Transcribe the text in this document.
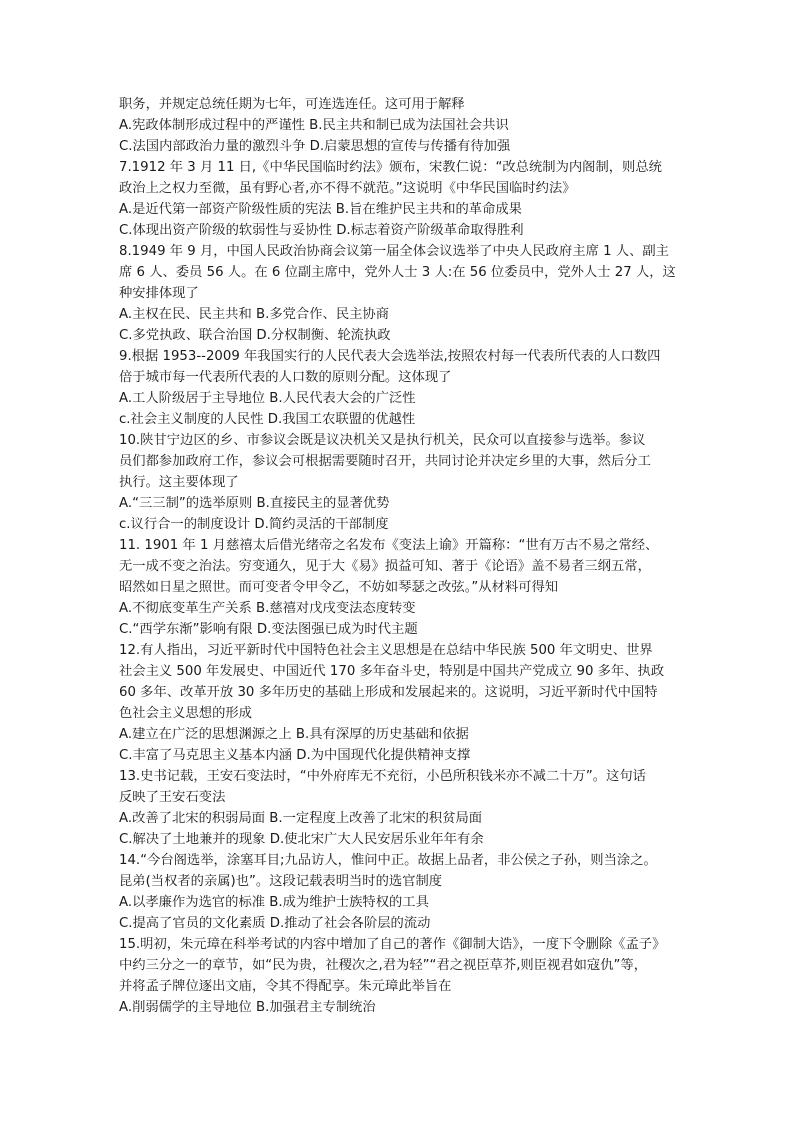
职务，并规定总统任期为七年，可连选连任。这可用于解释
A.宪政体制形成过程中的严谨性 B.民主共和制已成为法国社会共识
C.法国内部政治力量的激烈斗争 D.启蒙思想的宣传与传播有待加强
7.1912 年 3 月 11 日,《中华民国临时约法》颁布，宋教仁说：“改总统制为内阁制，则总统
政治上之权力至微，虽有野心者,亦不得不就范。”这说明《中华民国临时约法》
A.是近代第一部资产阶级性质的宪法 B.旨在维护民主共和的革命成果
C.体现出资产阶级的软弱性与妥协性 D.标志着资产阶级革命取得胜利
8.1949 年 9 月，中国人民政治协商会议第一届全体会议选举了中央人民政府主席 1 人、副主
席 6 人、委员 56 人。在 6 位副主席中，党外人士 3 人:在 56 位委员中，党外人士 27 人，这
种安排体现了
A.主权在民、民主共和 B.多党合作、民主协商
C.多党执政、联合治国 D.分权制衡、轮流执政
9.根据 1953--2009 年我国实行的人民代表大会选举法,按照农村每一代表所代表的人口数四
倍于城市每一代表所代表的人口数的原则分配。这体现了
A.工人阶级居于主导地位 B.人民代表大会的广泛性
c.社会主义制度的人民性 D.我国工农联盟的优越性
10.陕甘宁边区的乡、市参议会既是议决机关又是执行机关，民众可以直接参与选举。参议
员们都参加政府工作，参议会可根据需要随时召开，共同讨论并决定乡里的大事，然后分工
执行。这主要体现了
A.“三三制”的选举原则 B.直接民主的显著优势
c.议行合一的制度设计 D.简约灵活的干部制度
11. 1901 年 1 月慈禧太后借光绪帝之名发布《变法上谕》开篇称：“世有万古不易之常经、
无一成不变之治法。穷变通久，见于大《易》损益可知、著于《论语》盖不易者三纲五常，
昭然如日星之照世。而可变者令甲令乙，不妨如琴瑟之改弦。”从材料可得知
A.不彻底变革生产关系 B.慈禧对戊戌变法态度转变
C.“西学东渐”影响有限 D.变法图强已成为时代主题
12.有人指出，习近平新时代中国特色社会主义思想是在总结中华民族 500 年文明史、世界
社会主义 500 年发展史、中国近代 170 多年奋斗史，特别是中国共产党成立 90 多年、执政
60 多年、改革开放 30 多年历史的基础上形成和发展起来的。这说明，习近平新时代中国特
色社会主义思想的形成
A.建立在广泛的思想渊源之上 B.具有深厚的历史基础和依据
C.丰富了马克思主义基本内涵 D.为中国现代化提供精神支撑
13.史书记载，王安石变法时，“中外府库无不充衍，小邑所积钱米亦不减二十万”。这句话
反映了王安石变法
A.改善了北宋的积弱局面 B.一定程度上改善了北宋的积贫局面
C.解决了土地兼并的现象 D.使北宋广大人民安居乐业年年有余
14.“今台阁选举，涂塞耳目;九品访人，惟问中正。故据上品者，非公侯之子孙，则当涂之。
昆弟(当权者的亲属)也”。这段记载表明当时的选官制度
A.以孝廉作为选官的标准 B.成为维护士族特权的工具
C.提高了官员的文化素质 D.推动了社会各阶层的流动
15.明初，朱元璋在科举考试的内容中增加了自己的著作《御制大诰》，一度下令删除《孟子》
中约三分之一的章节，如“民为贵，社稷次之,君为轻”“君之视臣草芥,则臣视君如寇仇”等，
并将孟子牌位逐出文庙，令其不得配享。朱元璋此举旨在
A.削弱儒学的主导地位 B.加强君主专制统治
